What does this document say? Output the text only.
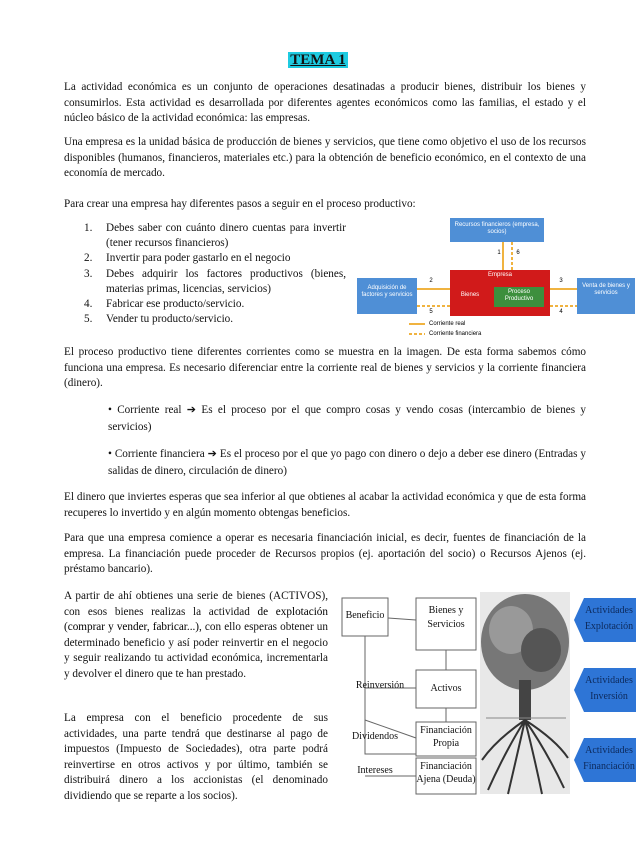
TEMA 1

La actividad económica es un conjunto de operaciones desatinadas a producir bienes, distribuir los bienes y consumirlos. Esta actividad es desarrollada por diferentes agentes económicos como las familias, el estado y el núcleo básico de la actividad económica: las empresas.

Una empresa es la unidad básica de producción de bienes y servicios, que tiene como objetivo el uso de los recursos disponibles (humanos, financieros, materiales etc.) para la obtención de beneficio económico, en el contexto de una economía de mercado.

Para crear una empresa hay diferentes pasos a seguir en el proceso productivo:

1. Debes saber con cuánto dinero cuentas para invertir (tener recursos financieros)
2. Invertir para poder gastarlo en el negocio
3. Debes adquirir los factores productivos (bienes, materias primas, licencias, servicios)
4. Fabricar ese producto/servicio.
5. Vender tu producto/servicio.
Recursos financieros (empresa, socios)
Adquisición de factores y servicios
Empresa
Bienes	Proceso Productivo
Venta de bienes y servicios
1	6
2
5
3
4
Corriente real
Corriente financiera

El proceso productivo tiene diferentes corrientes como se muestra en la imagen. De esta forma sabemos cómo funciona una empresa. Es necesario diferenciar entre la corriente real de bienes y servicios y la corriente financiera (dinero).

• Corriente real ➔ Es el proceso por el que compro cosas y vendo cosas (intercambio de bienes y servicios)

• Corriente financiera ➔ Es el proceso por el que yo pago con dinero o dejo a deber ese dinero (Entradas y salidas de dinero, circulación de dinero)

El dinero que inviertes esperas que sea inferior al que obtienes al acabar la actividad económica y que de esta forma recuperes lo invertido y en algún momento obtengas beneficios.

Para que una empresa comience a operar es necesaria financiación inicial, es decir, fuentes de financiación de la empresa. La financiación puede proceder de Recursos propios (ej. aportación del socio) o Recursos Ajenos (ej. préstamo bancario).

A partir de ahí obtienes una serie de bienes (ACTIVOS), con esos bienes realizas la actividad de explotación (comprar y vender, fabricar...), con ello esperas obtener un determinado beneficio y así poder reinvertir en el negocio y seguir realizando tu actividad económica, incrementarla y devolver el dinero que te han prestado.

La empresa con el beneficio procedente de sus actividades, una parte tendrá que destinarse al pago de impuestos (Impuesto de Sociedades), otra parte podrá reinvertirse en otros activos y por último, también se distribuirá dinero a los accionistas (el denominado dividiendo que se reparte a los socios).

Beneficio	Bienes y Servicios
Reinversión	Activos
Dividendos
Intereses
Financiación Propia
Financiación Ajena (Deuda)
Actividades Explotación
Actividades Inversión
Actividades Financiación
